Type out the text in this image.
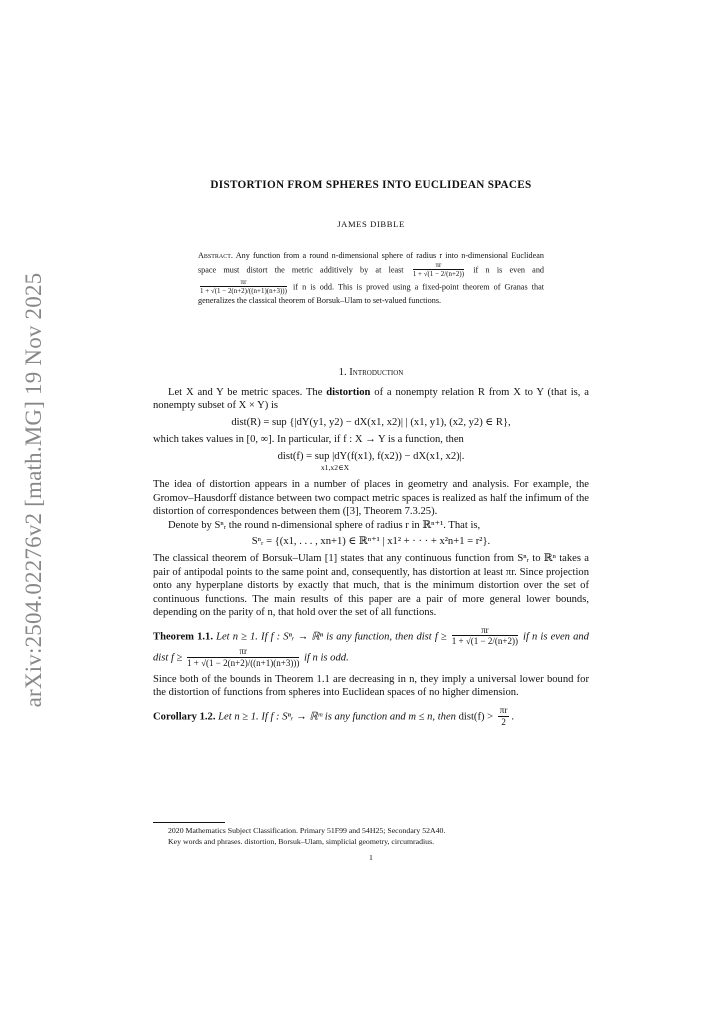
arXiv:2504.02276v2 [math.MG] 19 Nov 2025
DISTORTION FROM SPHERES INTO EUCLIDEAN SPACES
JAMES DIBBLE
Abstract. Any function from a round n-dimensional sphere of radius r into n-dimensional Euclidean space must distort the metric additively by at least $\frac{\pi r}{1 + √(1 - 2/(n+2))}$ if n is even and
$\frac{\pi r}{1 + √(1 - 2(n+2)/((n+1)(n+3)))}$ if n is odd. This is proved using a fixed-point theorem of Granas that generalizes the classical theorem of Borsuk–Ulam to set-valued functions.
1. Introduction
Let X and Y be metric spaces. The distortion of a nonempty relation R from X to Y (that is, a nonempty subset of X × Y) is
dist(R) = sup {|dY(y1, y2) − dX(x1, x2)| | (x1, y1), (x2, y2) ∈ R},
which takes values in [0, ∞]. In particular, if f : X → Y is a function, then
dist(f) = sup |dY(f(x1), f(x2)) − dX(x1, x2)|.
x1,x2∈X
The idea of distortion appears in a number of places in geometry and analysis. For example, the Gromov–Hausdorff distance between two compact metric spaces is realized as half the infimum of the distortion of correspondences between them ([3], Theorem 7.3.25).
Denote by Sⁿᵣ the round n-dimensional sphere of radius r in ℝⁿ⁺¹. That is,
Sⁿᵣ = {(x1, . . . , xn+1) ∈ ℝⁿ⁺¹ | x1² + · · · + x²n+1 = r²}.
The classical theorem of Borsuk–Ulam [1] states that any continuous function from Sⁿᵣ to ℝⁿ takes a pair of antipodal points to the same point and, consequently, has distortion at least πr. Since projection onto any hyperplane distorts by exactly that much, that is the minimum distortion over the set of continuous functions. The main results of this paper are a pair of more general lower bounds, depending on the parity of n, that hold over the set of all functions.
Theorem 1.1. Let n ≥ 1. If f : Sⁿᵣ → ℝⁿ is any function, then dist $f \ge \frac{\pi r}{1 + √(1 - 2/(n+2))}$ if n is even and dist $f \ge \frac{\pi r}{1 + √(1 - 2(n+2)/((n+1)(n+3)))}$ if n is odd.
Since both of the bounds in Theorem 1.1 are decreasing in n, they imply a universal lower bound for the distortion of functions from spheres into Euclidean spaces of no higher dimension.
Corollary 1.2. Let n ≥ 1. If f : Sⁿᵣ → ℝᵐ is any function and m ≤ n, then dist(f) > $\frac{\pi r}{2}$ .
2020 Mathematics Subject Classification. Primary 51F99 and 54H25; Secondary 52A40.
Key words and phrases. distortion, Borsuk–Ulam, simplicial geometry, circumradius.
1
